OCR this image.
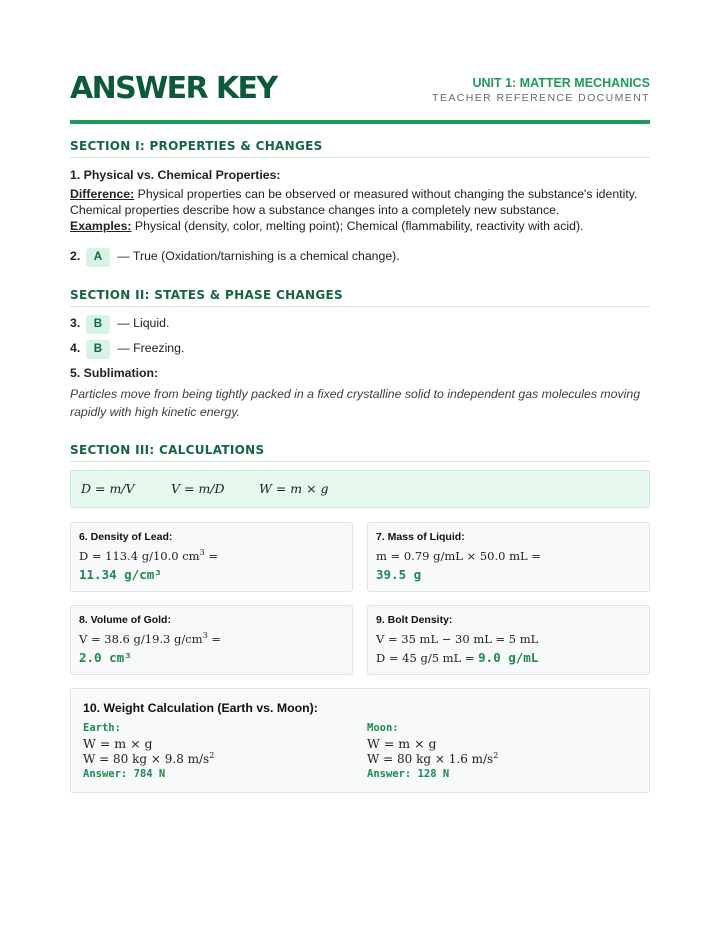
ANSWER KEY	UNIT 1: MATTER MECHANICS
TEACHER REFERENCE DOCUMENT
SECTION I: PROPERTIES & CHANGES
1. Physical vs. Chemical Properties:
Difference: Physical properties can be observed or measured without changing the substance's identity.
Chemical properties describe how a substance changes into a completely new substance.
Examples: Physical (density, color, melting point); Chemical (flammability, reactivity with acid).
2. A — True (Oxidation/tarnishing is a chemical change).
SECTION II: STATES & PHASE CHANGES
3. B — Liquid.
4. B — Freezing.
5. Sublimation:
Particles move from being tightly packed in a fixed crystalline solid to independent gas molecules moving rapidly with high kinetic energy.
SECTION III: CALCULATIONS
D = m/V	V = m/D	W = m × g
6. Density of Lead:
D = 113.4 g/10.0 $cm^3$ =
11.34 g/cm³
7. Mass of Liquid:
m = 0.79 g/mL × 50.0 mL =
39.5 g
8. Volume of Gold:
V = 38.6 g/19.3 $g/cm^3$ =
2.0 cm³
9. Bolt Density:
V = 35 mL − 30 mL = 5 mL
D = 45 g/5 mL = 9.0 g/mL
10. Weight Calculation (Earth vs. Moon):
Earth:
W = m × g
W = 80 kg × 9.8 $m/s^2$
Answer: 784 N
Moon:
W = m × g
W = 80 kg × 1.6 $m/s^2$
Answer: 128 N
